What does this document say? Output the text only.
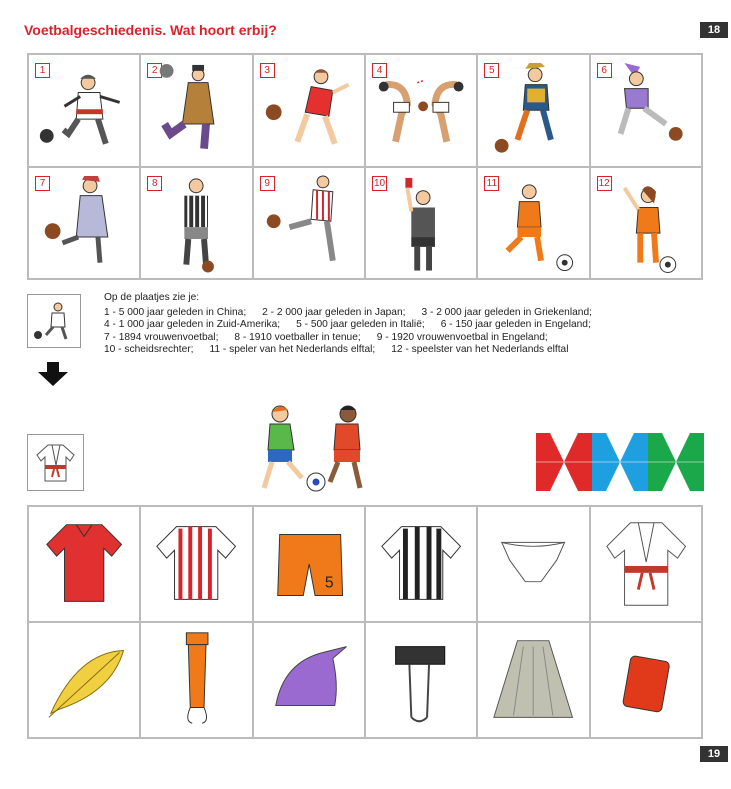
Voetbalgeschiedenis. Wat hoort erbij?	18
19
1	2	3	4	5	6
7	8	9	10	11	12
Op de plaatjes zie je:
1 - 5 000 jaar geleden in China; 2 - 2 000 jaar geleden in Japan; 3 - 2 000 jaar geleden in Griekenland;
4 - 1 000 jaar geleden in Zuid-Amerika; 5 - 500 jaar geleden in Italië; 6 - 150 jaar geleden in Engeland;
7 - 1894 vrouwenvoetbal; 8 - 1910 voetballer in tenue; 9 - 1920 vrouwenvoetbal in Engeland;
10 - scheidsrechter; 11 - speler van het Nederlands elftal; 12 - speelster van het Nederlands elftal
5
